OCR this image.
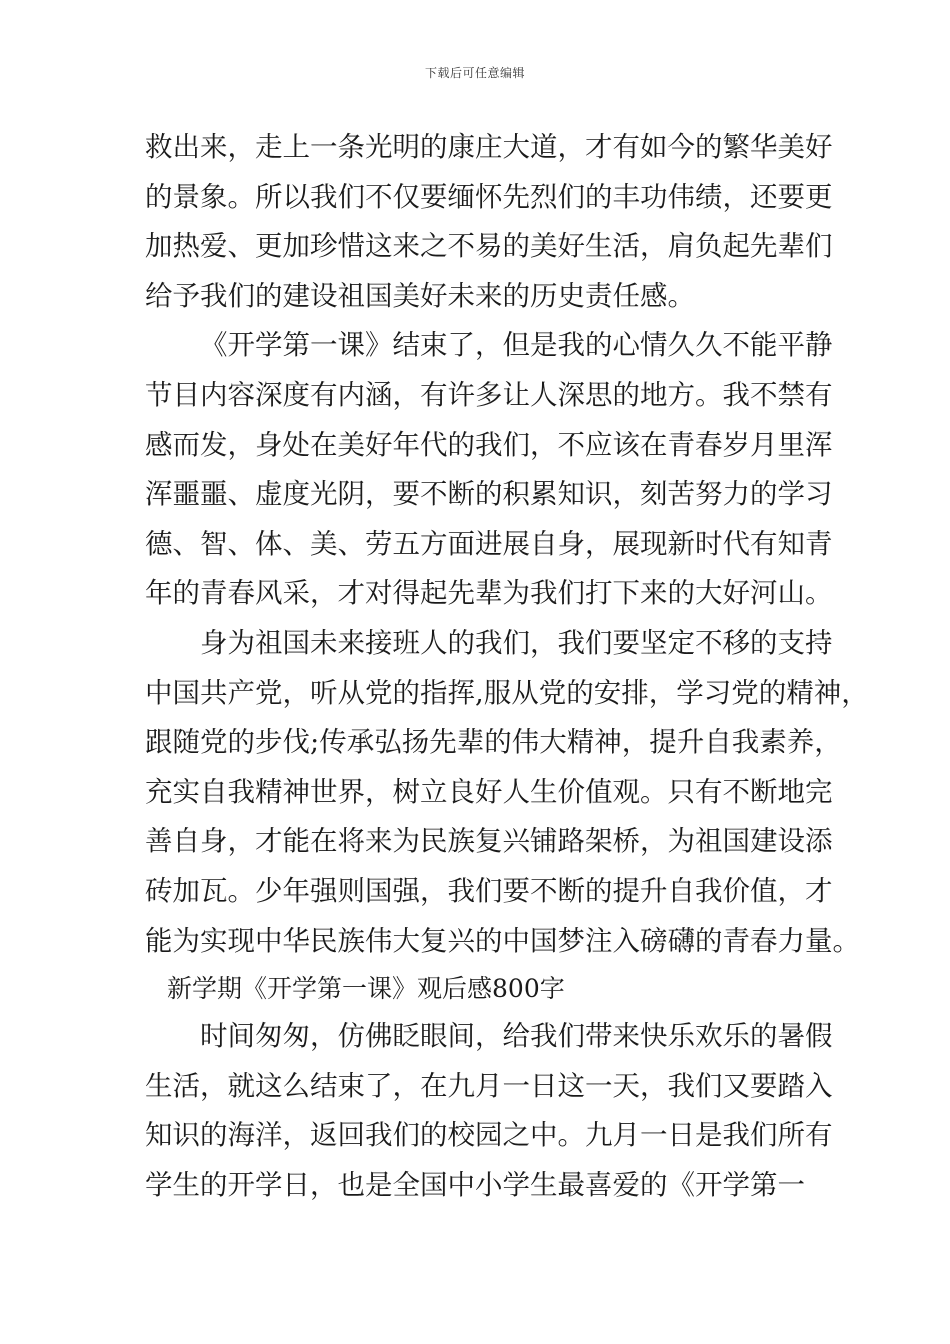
下载后可任意编辑
救出来，走上一条光明的康庄大道，才有如今的繁华美好
的景象。所以我们不仅要缅怀先烈们的丰功伟绩，还要更
加热爱、更加珍惜这来之不易的美好生活，肩负起先辈们
给予我们的建设祖国美好未来的历史责任感。
《开学第一课》结束了，但是我的心情久久不能平静
节目内容深度有内涵，有许多让人深思的地方。我不禁有
感而发，身处在美好年代的我们，不应该在青春岁月里浑
浑噩噩、虚度光阴，要不断的积累知识，刻苦努力的学习
德、智、体、美、劳五方面进展自身，展现新时代有知青
年的青春风采，才对得起先辈为我们打下来的大好河山。
身为祖国未来接班人的我们，我们要坚定不移的支持
中国共产党，听从党的指挥,服从党的安排，学习党的精神，
跟随党的步伐;传承弘扬先辈的伟大精神，提升自我素养，
充实自我精神世界，树立良好人生价值观。只有不断地完
善自身，才能在将来为民族复兴铺路架桥，为祖国建设添
砖加瓦。少年强则国强，我们要不断的提升自我价值，才
能为实现中华民族伟大复兴的中国梦注入磅礴的青春力量。
新学期《开学第一课》观后感800字
时间匆匆，仿佛眨眼间，给我们带来快乐欢乐的暑假
生活，就这么结束了，在九月一日这一天，我们又要踏入
知识的海洋，返回我们的校园之中。九月一日是我们所有
学生的开学日，也是全国中小学生最喜爱的《开学第一
